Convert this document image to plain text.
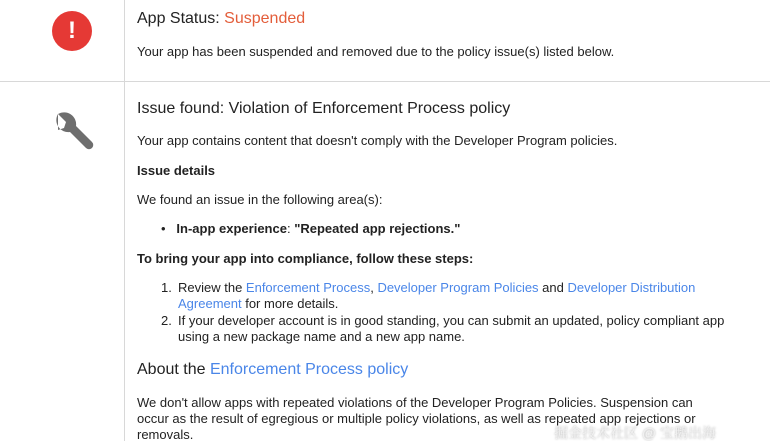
!	App Status: Suspended
Your app has been suspended and removed due to the policy issue(s) listed below.
Issue found: Violation of Enforcement Process policy
Your app contains content that doesn't comply with the Developer Program policies.
Issue details
We found an issue in the following area(s):
• In-app experience: "Repeated app rejections."
To bring your app into compliance, follow these steps:
1. Review the Enforcement Process, Developer Program Policies and Developer Distribution
Agreement for more details.
2. If your developer account is in good standing, you can submit an updated, policy compliant app
using a new package name and a new app name.
About the Enforcement Process policy
We don't allow apps with repeated violations of the Developer Program Policies. Suspension can
occur as the result of egregious or multiple policy violations, as well as repeated app rejections or
removals.	掘金技术社区 @ 宝鹅出海
